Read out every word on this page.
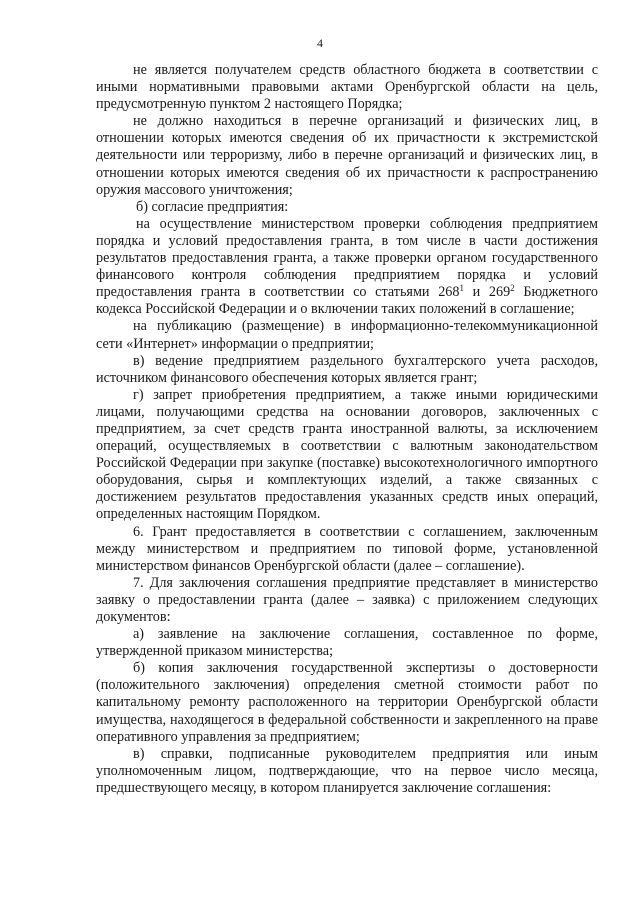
4

не является получателем средств областного бюджета в соответствии с иными нормативными правовыми актами Оренбургской области на цель, предусмотренную пунктом 2 настоящего Порядка;

не должно находиться в перечне организаций и физических лиц, в отношении которых имеются сведения об их причастности к экстремистской деятельности или терроризму, либо в перечне организаций и физических лиц, в отношении которых имеются сведения об их причастности к распространению оружия массового уничтожения;

б) согласие предприятия:

на осуществление министерством проверки соблюдения предприятием порядка и условий предоставления гранта, в том числе в части достижения результатов предоставления гранта, а также проверки органом государственного финансового контроля соблюдения предприятием порядка и условий предоставления гранта в соответствии со статьями $268^1$ и $269^2$ Бюджетного кодекса Российской Федерации и о включении таких положений в соглашение;

на публикацию (размещение) в информационно-телекоммуникационной сети «Интернет» информации о предприятии;

в) ведение предприятием раздельного бухгалтерского учета расходов, источником финансового обеспечения которых является грант;

г) запрет приобретения предприятием, а также иными юридическими лицами, получающими средства на основании договоров, заключенных с предприятием, за счет средств гранта иностранной валюты, за исключением операций, осуществляемых в соответствии с валютным законодательством Российской Федерации при закупке (поставке) высокотехнологичного импортного оборудования, сырья и комплектующих изделий, а также связанных с достижением результатов предоставления указанных средств иных операций, определенных настоящим Порядком.

6. Грант предоставляется в соответствии с соглашением, заключенным между министерством и предприятием по типовой форме, установленной министерством финансов Оренбургской области (далее – соглашение).

7. Для заключения соглашения предприятие представляет в министерство заявку о предоставлении гранта (далее – заявка) с приложением следующих документов:

а) заявление на заключение соглашения, составленное по форме, утвержденной приказом министерства;

б) копия заключения государственной экспертизы о достоверности (положительного заключения) определения сметной стоимости работ по капитальному ремонту расположенного на территории Оренбургской области имущества, находящегося в федеральной собственности и закрепленного на праве оперативного управления за предприятием;

в) справки, подписанные руководителем предприятия или иным уполномоченным лицом, подтверждающие, что на первое число месяца, предшествующего месяцу, в котором планируется заключение соглашения:
